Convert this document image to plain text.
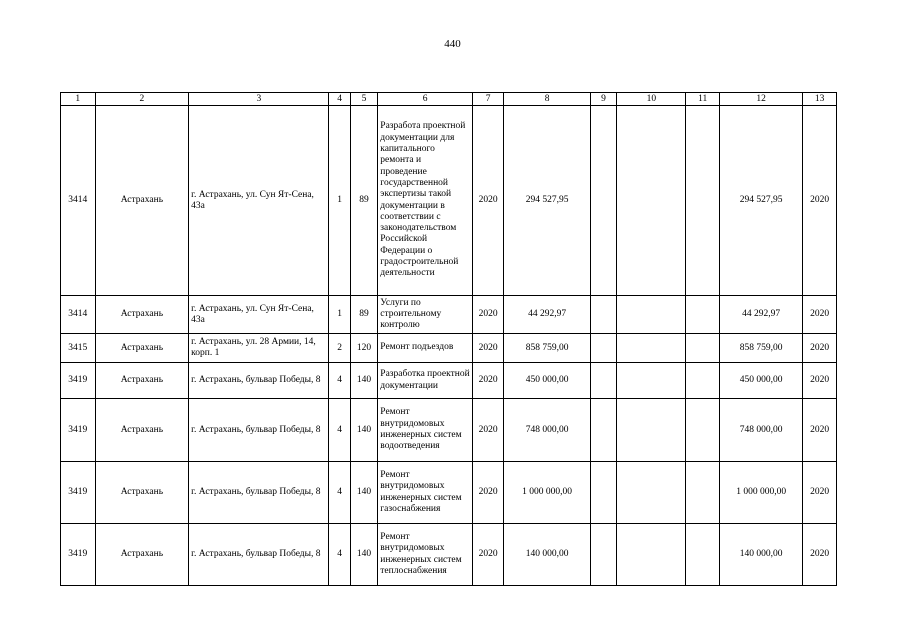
440
1	2	3	4	5	6	7	8	9	10	11	12	13
3414	Астрахань	г. Астрахань, ул. Сун Ят-Сена, 43а	1	89	Разработа проектной документации для капитального ремонта и проведение государственной экспертизы такой документации в соответствии с законодательством Российской Федерации о градостроительной деятельности	2020	294 527,95				294 527,95	2020
3414	Астрахань	г. Астрахань, ул. Сун Ят-Сена, 43а	1	89	Услуги по строительному контролю	2020	44 292,97				44 292,97	2020
3415	Астрахань	г. Астрахань, ул. 28 Армии, 14, корп. 1	2	120	Ремонт подъездов	2020	858 759,00				858 759,00	2020
3419	Астрахань	г. Астрахань, бульвар Победы, 8	4	140	Разработка проектной документации	2020	450 000,00				450 000,00	2020
3419	Астрахань	г. Астрахань, бульвар Победы, 8	4	140	Ремонт внутридомовых инженерных систем водоотведения	2020	748 000,00				748 000,00	2020
3419	Астрахань	г. Астрахань, бульвар Победы, 8	4	140	Ремонт внутридомовых инженерных систем газоснабжения	2020	1 000 000,00				1 000 000,00	2020
3419	Астрахань	г. Астрахань, бульвар Победы, 8	4	140	Ремонт внутридомовых инженерных систем теплоснабжения	2020	140 000,00				140 000,00	2020
